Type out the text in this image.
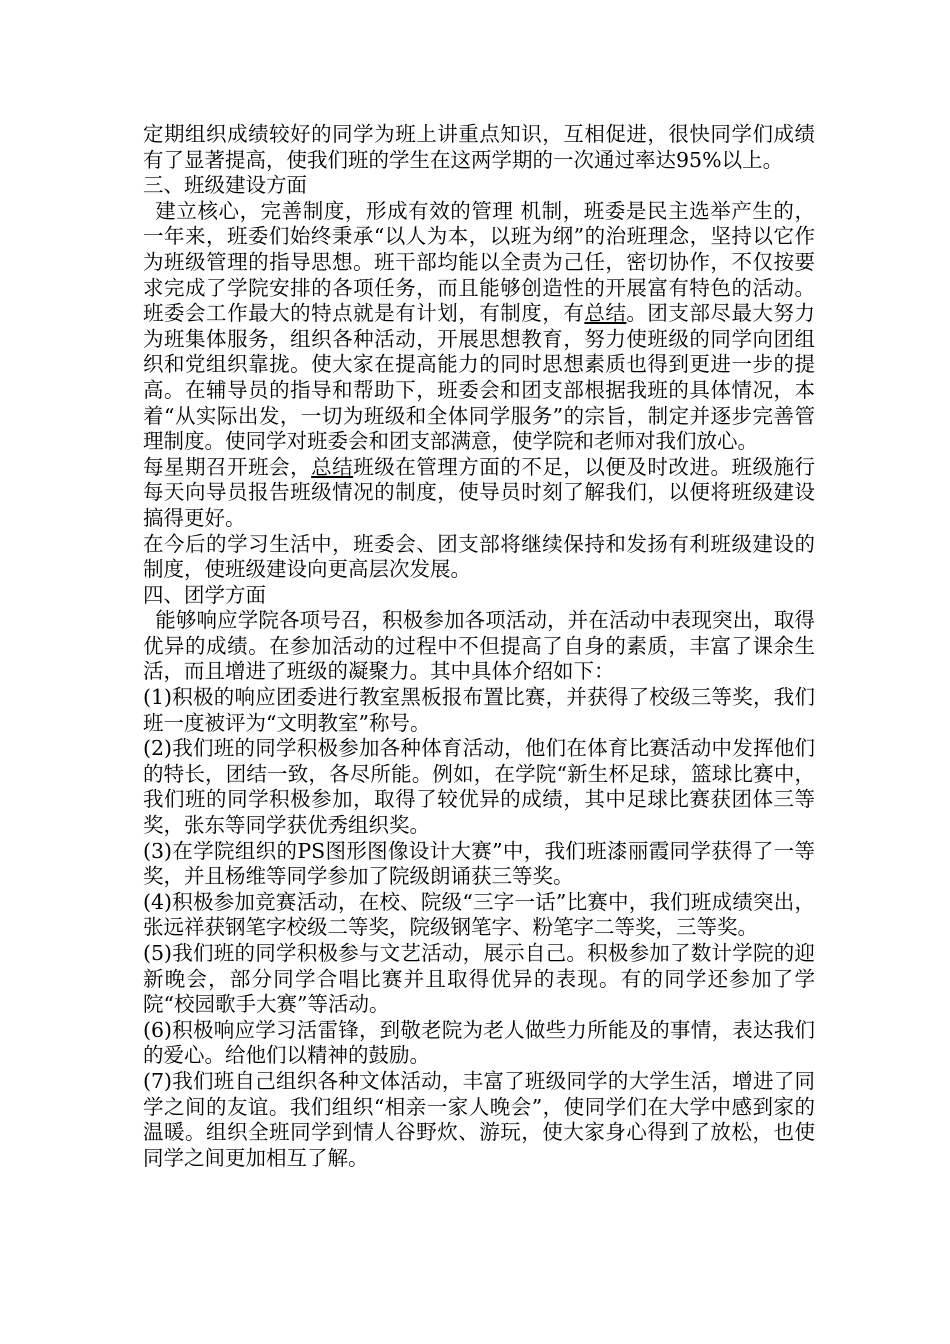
定期组织成绩较好的同学为班上讲重点知识，互相促进，很快同学们成绩有了显著提高，使我们班的学生在这两学期的一次通过率达95%以上。

三、班级建设方面

建立核心，完善制度，形成有效的管理 机制，班委是民主选举产生的，一年来，班委们始终秉承“以人为本，以班为纲”的治班理念，坚持以它作为班级管理的指导思想。班干部均能以全责为己任，密切协作，不仅按要求完成了学院安排的各项任务，而且能够创造性的开展富有特色的活动。班委会工作最大的特点就是有计划，有制度，有总结。团支部尽最大努力为班集体服务，组织各种活动，开展思想教育，努力使班级的同学向团组织和党组织靠拢。使大家在提高能力的同时思想素质也得到更进一步的提高。在辅导员的指导和帮助下，班委会和团支部根据我班的具体情况，本着“从实际出发，一切为班级和全体同学服务”的宗旨，制定并逐步完善管理制度。使同学对班委会和团支部满意，使学院和老师对我们放心。

每星期召开班会，总结班级在管理方面的不足，以便及时改进。班级施行每天向导员报告班级情况的制度，使导员时刻了解我们，以便将班级建设搞得更好。

在今后的学习生活中，班委会、团支部将继续保持和发扬有利班级建设的制度，使班级建设向更高层次发展。

四、团学方面

能够响应学院各项号召，积极参加各项活动，并在活动中表现突出，取得优异的成绩。在参加活动的过程中不但提高了自身的素质，丰富了课余生活，而且增进了班级的凝聚力。其中具体介绍如下：

(1)积极的响应团委进行教室黑板报布置比赛，并获得了校级三等奖，我们班一度被评为“文明教室”称号。

(2)我们班的同学积极参加各种体育活动，他们在体育比赛活动中发挥他们的特长，团结一致，各尽所能。例如，在学院“新生杯足球，篮球比赛中，我们班的同学积极参加，取得了较优异的成绩，其中足球比赛获团体三等奖，张东等同学获优秀组织奖。

(3)在学院组织的PS图形图像设计大赛”中，我们班漆丽霞同学获得了一等奖，并且杨维等同学参加了院级朗诵获三等奖。

(4)积极参加竞赛活动，在校、院级“三字一话”比赛中，我们班成绩突出，张远祥获钢笔字校级二等奖，院级钢笔字、粉笔字二等奖，三等奖。

(5)我们班的同学积极参与文艺活动，展示自己。积极参加了数计学院的迎新晚会，部分同学合唱比赛并且取得优异的表现。有的同学还参加了学院“校园歌手大赛”等活动。

(6)积极响应学习活雷锋，到敬老院为老人做些力所能及的事情，表达我们的爱心。给他们以精神的鼓励。

(7)我们班自己组织各种文体活动，丰富了班级同学的大学生活，增进了同学之间的友谊。我们组织“相亲一家人晚会”，使同学们在大学中感到家的温暖。组织全班同学到情人谷野炊、游玩，使大家身心得到了放松，也使同学之间更加相互了解。
